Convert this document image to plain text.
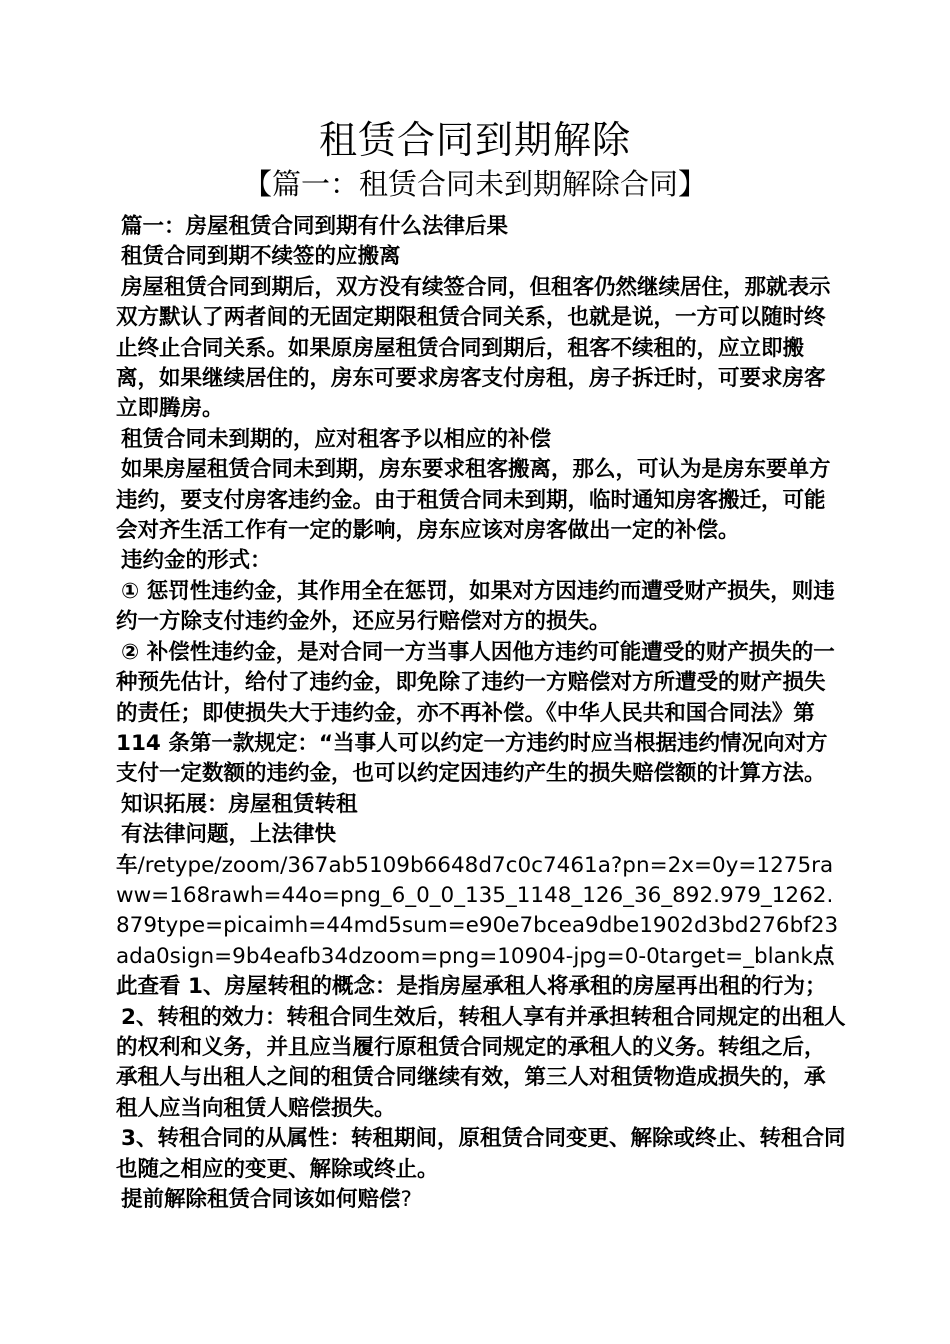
租赁合同到期解除
【篇一：租赁合同未到期解除合同】

篇一：房屋租赁合同到期有什么法律后果

租赁合同到期不续签的应搬离

房屋租赁合同到期后，双方没有续签合同，但租客仍然继续居住，那就表示双方默认了两者间的无固定期限租赁合同关系，也就是说，一方可以随时终止终止合同关系。如果原房屋租赁合同到期后，租客不续租的，应立即搬离，如果继续居住的，房东可要求房客支付房租，房子拆迁时，可要求房客立即腾房。

租赁合同未到期的，应对租客予以相应的补偿

如果房屋租赁合同未到期，房东要求租客搬离，那么，可认为是房东要单方违约，要支付房客违约金。由于租赁合同未到期，临时通知房客搬迁，可能会对齐生活工作有一定的影响，房东应该对房客做出一定的补偿。

违约金的形式：

① 惩罚性违约金，其作用全在惩罚，如果对方因违约而遭受财产损失，则违约一方除支付违约金外，还应另行赔偿对方的损失。

② 补偿性违约金，是对合同一方当事人因他方违约可能遭受的财产损失的一种预先估计，给付了违约金，即免除了违约一方赔偿对方所遭受的财产损失的责任；即使损失大于违约金，亦不再补偿。《中华人民共和国合同法》第 114 条第一款规定：“当事人可以约定一方违约时应当根据违约情况向对方支付一定数额的违约金，也可以约定因违约产生的损失赔偿额的计算方法。

知识拓展：房屋租赁转租

有法律问题，上法律快
车/retype/zoom/367ab5109b6648d7c0c7461a?pn=2x=0y=1275raww=168rawh=44o=png_6_0_0_135_1148_126_36_892.979_1262.879type=picaimh=44md5sum=e90e7bcea9dbe1902d3bd276bf23ada0sign=9b4eafb34dzoom=png=10904-jpg=0-0target=_blank点此查看 1、房屋转租的概念：是指房屋承租人将承租的房屋再出租的行为；

2、转租的效力：转租合同生效后，转租人享有并承担转租合同规定的出租人的权利和义务，并且应当履行原租赁合同规定的承租人的义务。转组之后，承租人与出租人之间的租赁合同继续有效，第三人对租赁物造成损失的，承租人应当向租赁人赔偿损失。

3、转租合同的从属性：转租期间，原租赁合同变更、解除或终止、转租合同也随之相应的变更、解除或终止。

提前解除租赁合同该如何赔偿?
